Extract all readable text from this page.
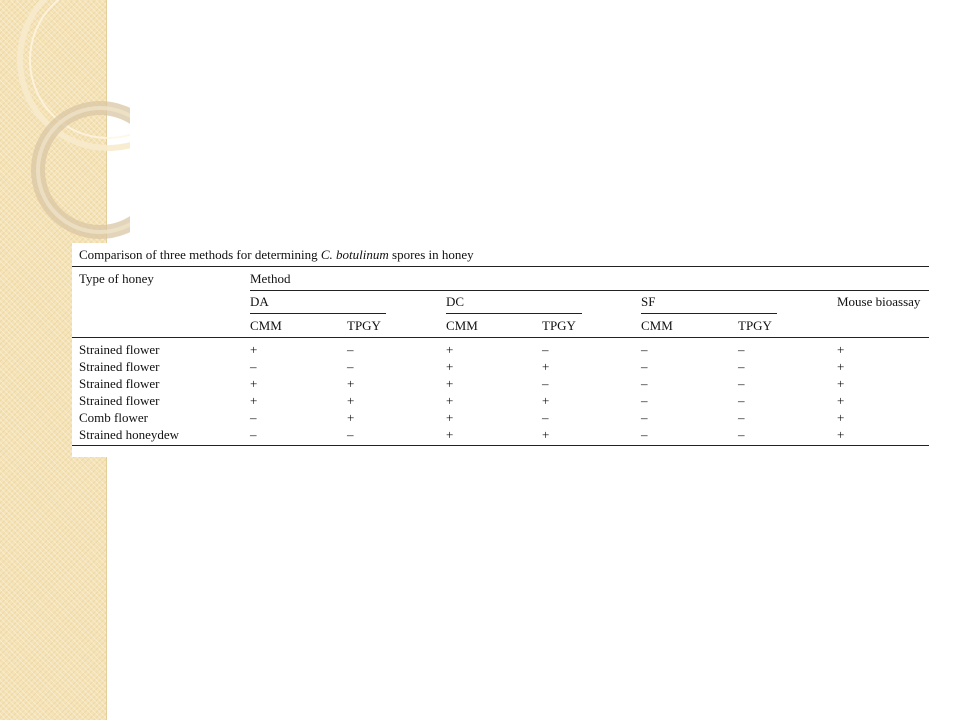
Comparison of three methods for determining C. botulinum spores in honey
Type of honey	Method
DA	DC	SF	Mouse bioassay
CMM	TPGY	CMM	TPGY	CMM	TPGY
Strained flower	+	–	+	–	–	–	+
Strained flower	–	–	+	+	–	–	+
Strained flower	+	+	+	–	–	–	+
Strained flower	+	+	+	+	–	–	+
Comb flower	–	+	+	–	–	–	+
Strained honeydew	–	–	+	+	–	–	+
